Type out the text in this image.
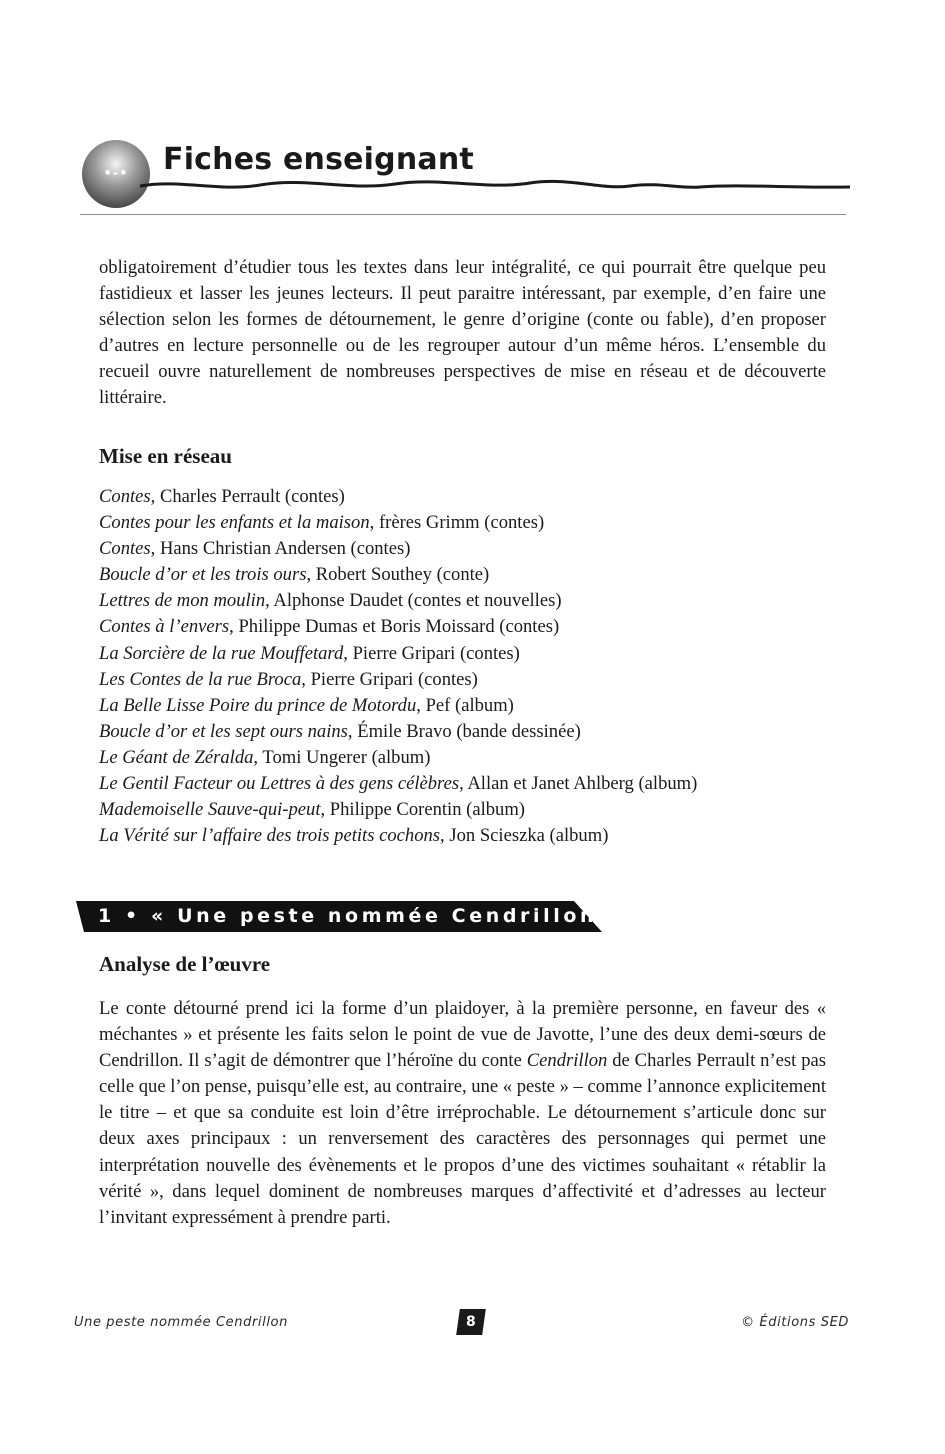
•-• Fiches enseignant

obligatoirement d’étudier tous les textes dans leur intégralité, ce qui pourrait être quelque peu fastidieux et lasser les jeunes lecteurs. Il peut paraitre intéressant, par exemple, d’en faire une sélection selon les formes de détournement, le genre d’origine (conte ou fable), d’en proposer d’autres en lecture personnelle ou de les regrouper autour d’un même héros. L’ensemble du recueil ouvre naturellement de nombreuses perspectives de mise en réseau et de découverte littéraire.

Mise en réseau
Contes, Charles Perrault (contes)
Contes pour les enfants et la maison, frères Grimm (contes)
Contes, Hans Christian Andersen (contes)
Boucle d’or et les trois ours, Robert Southey (conte)
Lettres de mon moulin, Alphonse Daudet (contes et nouvelles)
Contes à l’envers, Philippe Dumas et Boris Moissard (contes)
La Sorcière de la rue Mouffetard, Pierre Gripari (contes)
Les Contes de la rue Broca, Pierre Gripari (contes)
La Belle Lisse Poire du prince de Motordu, Pef (album)
Boucle d’or et les sept ours nains, Émile Bravo (bande dessinée)
Le Géant de Zéralda, Tomi Ungerer (album)
Le Gentil Facteur ou Lettres à des gens célèbres, Allan et Janet Ahlberg (album)
Mademoiselle Sauve-qui-peut, Philippe Corentin (album)
La Vérité sur l’affaire des trois petits cochons, Jon Scieszka (album)
1 • « Une peste nommée Cendrillon »
Analyse de l’œuvre

Le conte détourné prend ici la forme d’un plaidoyer, à la première personne, en faveur des « méchantes » et présente les faits selon le point de vue de Javotte, l’une des deux demi-sœurs de Cendrillon. Il s’agit de démontrer que l’héroïne du conte Cendrillon de Charles Perrault n’est pas celle que l’on pense, puisqu’elle est, au contraire, une « peste » – comme l’annonce explicitement le titre – et que sa conduite est loin d’être irréprochable. Le détournement s’articule donc sur deux axes principaux : un renversement des caractères des personnages qui permet une interprétation nouvelle des évènements et le propos d’une des victimes souhaitant « rétablir la vérité », dans lequel dominent de nombreuses marques d’affectivité et d’adresses au lecteur l’invitant expressément à prendre parti.

Une peste nommée Cendrillon	8	© Éditions SED
